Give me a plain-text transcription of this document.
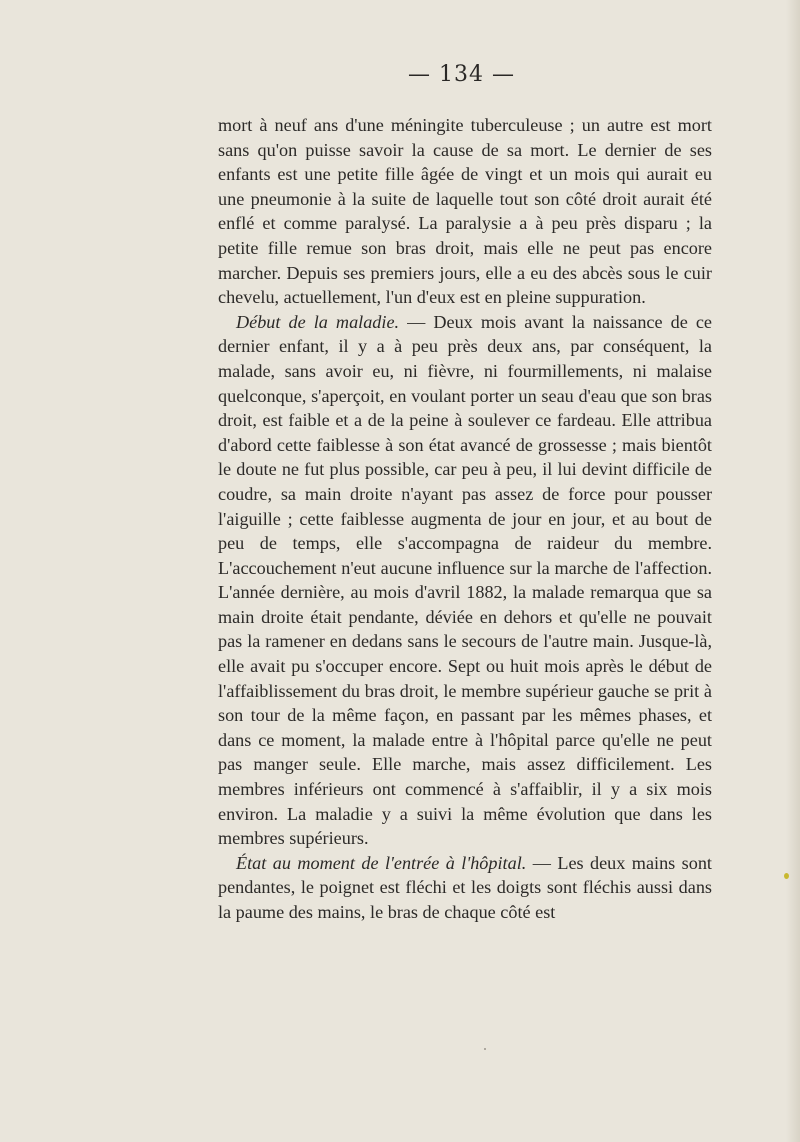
— 134 —

mort à neuf ans d'une méningite tuberculeuse ; un autre est mort sans qu'on puisse savoir la cause de sa mort. Le dernier de ses enfants est une petite fille âgée de vingt et un mois qui aurait eu une pneumonie à la suite de laquelle tout son côté droit aurait été enflé et comme paralysé. La paralysie a à peu près disparu ; la petite fille remue son bras droit, mais elle ne peut pas encore marcher. Depuis ses premiers jours, elle a eu des abcès sous le cuir chevelu, actuellement, l'un d'eux est en pleine suppuration.

Début de la maladie. — Deux mois avant la naissance de ce dernier enfant, il y a à peu près deux ans, par conséquent, la malade, sans avoir eu, ni fièvre, ni fourmillements, ni malaise quelconque, s'aperçoit, en voulant porter un seau d'eau que son bras droit, est faible et a de la peine à soulever ce fardeau. Elle attribua d'abord cette faiblesse à son état avancé de grossesse ; mais bientôt le doute ne fut plus possible, car peu à peu, il lui devint difficile de coudre, sa main droite n'ayant pas assez de force pour pousser l'aiguille ; cette faiblesse augmenta de jour en jour, et au bout de peu de temps, elle s'accompagna de raideur du membre. L'accouchement n'eut aucune influence sur la marche de l'affection. L'année dernière, au mois d'avril 1882, la malade remarqua que sa main droite était pendante, déviée en dehors et qu'elle ne pouvait pas la ramener en dedans sans le secours de l'autre main. Jusque-là, elle avait pu s'occuper encore. Sept ou huit mois après le début de l'affaiblissement du bras droit, le membre supérieur gauche se prit à son tour de la même façon, en passant par les mêmes phases, et dans ce moment, la malade entre à l'hôpital parce qu'elle ne peut pas manger seule. Elle marche, mais assez difficilement. Les membres inférieurs ont commencé à s'affaiblir, il y a six mois environ. La maladie y a suivi la même évolution que dans les membres supérieurs.

État au moment de l'entrée à l'hôpital. — Les deux mains sont pendantes, le poignet est fléchi et les doigts sont fléchis aussi dans la paume des mains, le bras de chaque côté est
